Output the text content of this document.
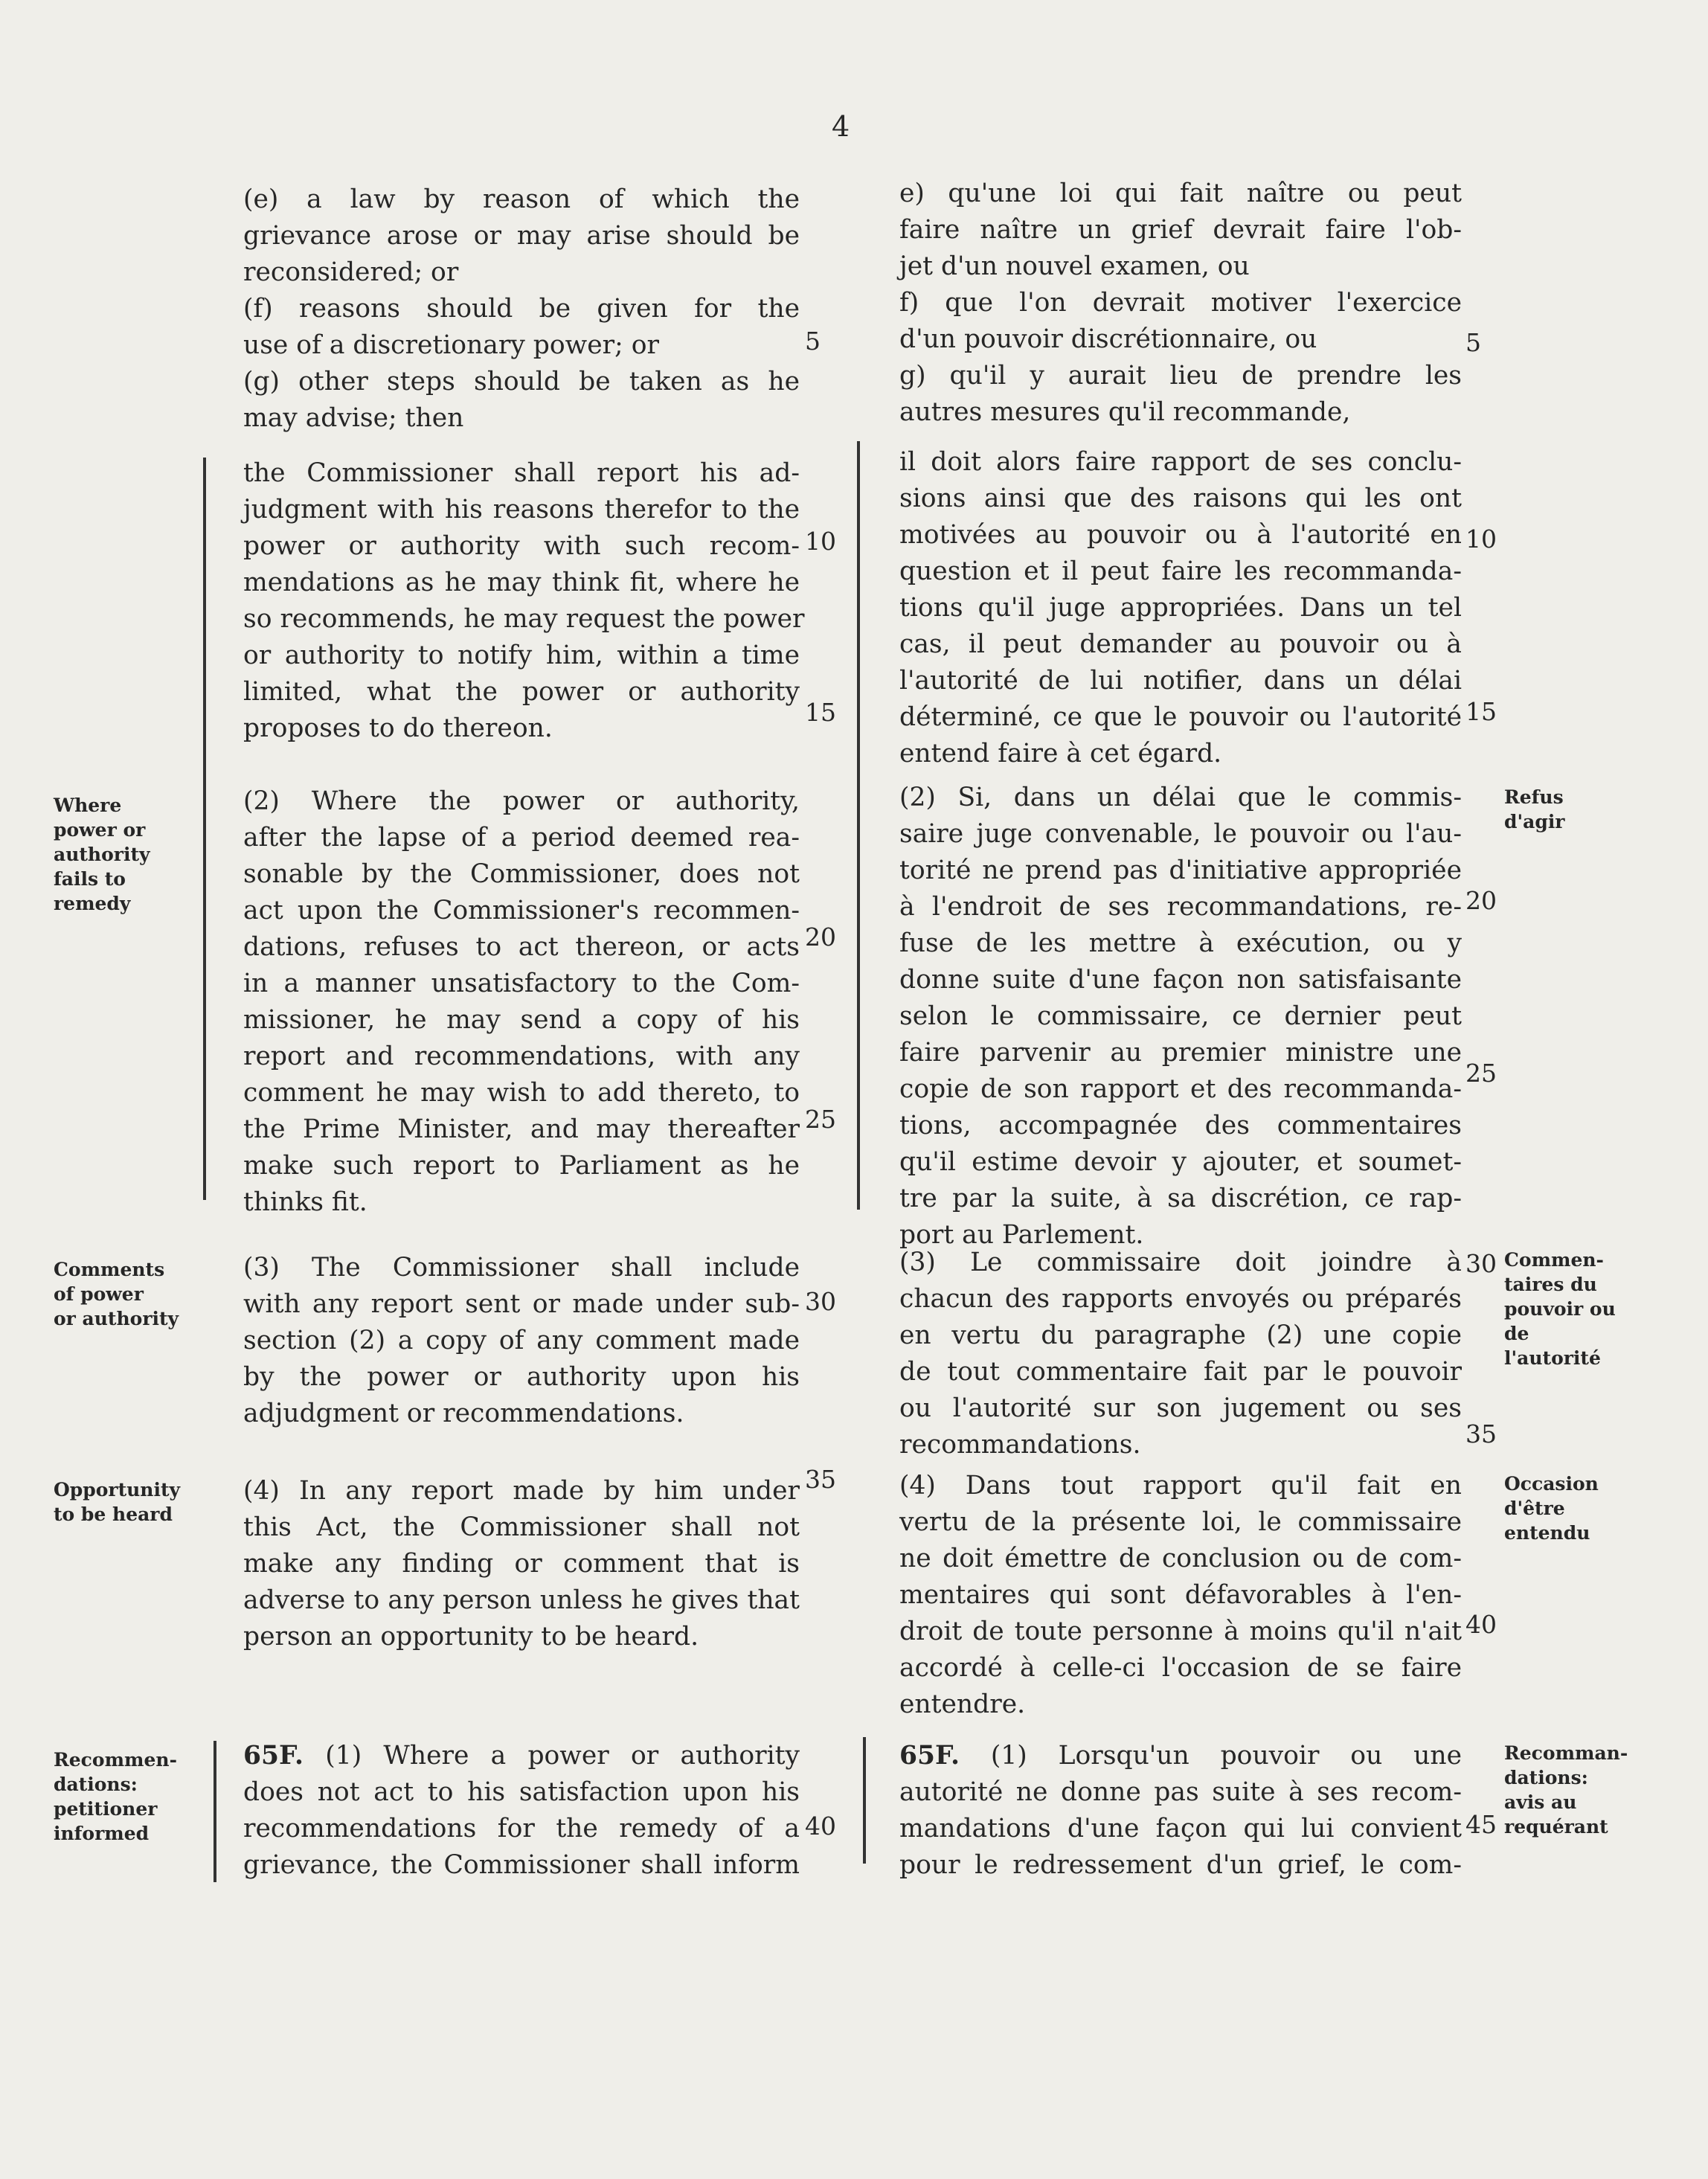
4
(e) a law by reason of which the
grievance arose or may arise should be
reconsidered; or
(f) reasons should be given for the
use of a discretionary power; or
(g) other steps should be taken as he
may advise; then
the Commissioner shall report his ad-
judgment with his reasons therefor to the
power or authority with such recom-
mendations as he may think fit, where he
so recommends, he may request the power
or authority to notify him, within a time
limited, what the power or authority
proposes to do thereon.
(2) Where the power or authority,
after the lapse of a period deemed rea-
sonable by the Commissioner, does not
act upon the Commissioner's recommen-
dations, refuses to act thereon, or acts
in a manner unsatisfactory to the Com-
missioner, he may send a copy of his
report and recommendations, with any
comment he may wish to add thereto, to
the Prime Minister, and may thereafter
make such report to Parliament as he
thinks fit.
(3) The Commissioner shall include
with any report sent or made under sub-
section (2) a copy of any comment made
by the power or authority upon his
adjudgment or recommendations.
(4) In any report made by him under
this Act, the Commissioner shall not
make any finding or comment that is
adverse to any person unless he gives that
person an opportunity to be heard.
65F. (1) Where a power or authority
does not act to his satisfaction upon his
recommendations for the remedy of a
grievance, the Commissioner shall inform
e) qu'une loi qui fait naître ou peut
faire naître un grief devrait faire l'ob-
jet d'un nouvel examen, ou
f) que l'on devrait motiver l'exercice
d'un pouvoir discrétionnaire, ou
g) qu'il y aurait lieu de prendre les
autres mesures qu'il recommande,
il doit alors faire rapport de ses conclu-
sions ainsi que des raisons qui les ont
motivées au pouvoir ou à l'autorité en
question et il peut faire les recommanda-
tions qu'il juge appropriées. Dans un tel
cas, il peut demander au pouvoir ou à
l'autorité de lui notifier, dans un délai
déterminé, ce que le pouvoir ou l'autorité
entend faire à cet égard.
(2) Si, dans un délai que le commis-
saire juge convenable, le pouvoir ou l'au-
torité ne prend pas d'initiative appropriée
à l'endroit de ses recommandations, re-
fuse de les mettre à exécution, ou y
donne suite d'une façon non satisfaisante
selon le commissaire, ce dernier peut
faire parvenir au premier ministre une
copie de son rapport et des recommanda-
tions, accompagnée des commentaires
qu'il estime devoir y ajouter, et soumet-
tre par la suite, à sa discrétion, ce rap-
port au Parlement.
(3) Le commissaire doit joindre à
chacun des rapports envoyés ou préparés
en vertu du paragraphe (2) une copie
de tout commentaire fait par le pouvoir
ou l'autorité sur son jugement ou ses
recommandations.
(4) Dans tout rapport qu'il fait en
vertu de la présente loi, le commissaire
ne doit émettre de conclusion ou de com-
mentaires qui sont défavorables à l'en-
droit de toute personne à moins qu'il n'ait
accordé à celle-ci l'occasion de se faire
entendre.
65F. (1) Lorsqu'un pouvoir ou une
autorité ne donne pas suite à ses recom-
mandations d'une façon qui lui convient
pour le redressement d'un grief, le com-
5
10
15
20
25
30
35
40
5
10
15
20
25
30
35
40
45
Where
power or
authority
fails to
remedy
Comments
of power
or authority
Opportunity
to be heard
Recommen-
dations:
petitioner
informed
Refus
d'agir
Commen-
taires du
pouvoir ou
de
l'autorité
Occasion
d'être
entendu
Recomman-
dations:
avis au
requérant
